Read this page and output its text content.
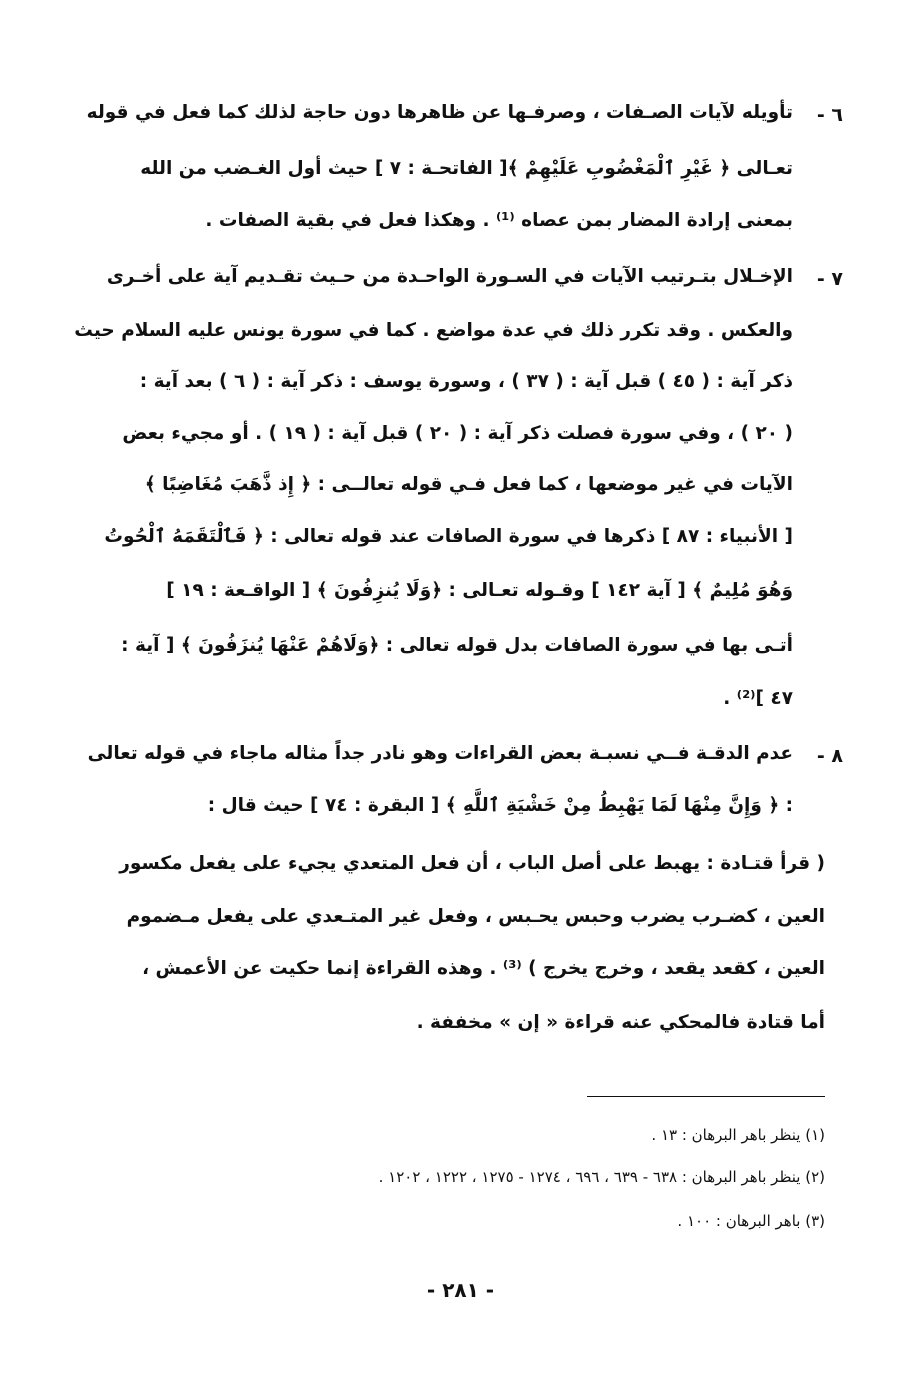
٦ -
تأويله لآيات الصـفات ، وصرفـها عن ظاهرها دون حاجة لذلك كما فعل في قوله
تعـالى ﴿ غَيْرِ ٱلْمَغْضُوبِ عَلَيْهِمْ ﴾[ الفاتحـة : ٧ ] حيث أول الغـضب من الله
بمعنى إرادة المضار بمن عصاه ⁽¹⁾ . وهكذا فعل في بقية الصفات .
٧ -
الإخـلال بتـرتيب الآيات في السـورة الواحـدة من حـيث تقـديم آية على أخـرى
والعكس . وقد تكرر ذلك في عدة مواضع . كما في سورة يونس عليه السلام حيث
ذكر آية : ( ٤٥ ) قبل آية : ( ٣٧ ) ، وسورة يوسف : ذكر آية : ( ٦ ) بعد آية :
( ٢٠ ) ، وفي سورة فصلت ذكر آية : ( ٢٠ ) قبل آية : ( ١٩ ) . أو مجيء بعض
الآيات في غير موضعها ، كما فعل فـي قوله تعالــى : ﴿ إِذ ذَّهَبَ مُغَاضِبًا ﴾
[ الأنبياء : ٨٧ ] ذكرها في سورة الصافات عند قوله تعالى : ﴿ فَٱلْتَقَمَهُ ٱلْحُوتُ
وَهُوَ مُلِيمٌ ﴾ [ آية ١٤٢ ] وقـوله تعـالى : ﴿وَلَا يُنزِفُونَ ﴾ [ الواقـعة : ١٩ ]
أتـى بها في سورة الصافات بدل قوله تعالى : ﴿وَلَاهُمْ عَنْهَا يُنزَفُونَ ﴾ [ آية :
٤٧ ]⁽²⁾ .
٨ -
عدم الدقـة فــي نسبـة بعض القراءات وهو نادر جداً مثاله ماجاء في قوله تعالى
: ﴿ وَإِنَّ مِنْهَا لَمَا يَهْبِطُ مِنْ خَشْيَةِ ٱللَّهِ ﴾ [ البقرة : ٧٤ ] حيث قال :
( قرأ قتـادة : يهبط على أصل الباب ، أن فعل المتعدي يجيء على يفعل مكسور
العين ، كضـرب يضرب وحبس يحـبس ، وفعل غير المتـعدي على يفعل مـضموم
العين ، كقعد يقعد ، وخرج يخرج ) ⁽³⁾ . وهذه القراءة إنما حكيت عن الأعمش ،
أما قتادة فالمحكي عنه قراءة « إن » مخففة .
(١) ينظر باهر البرهان : ١٣ .
(٢) ينظر باهر البرهان : ٦٣٨ - ٦٣٩ ، ٦٩٦ ، ١٢٧٤ - ١٢٧٥ ، ١٢٢٢ ، ١٢٠٢ .
(٣) باهر البرهان : ١٠٠ .
- ٢٨١ -
